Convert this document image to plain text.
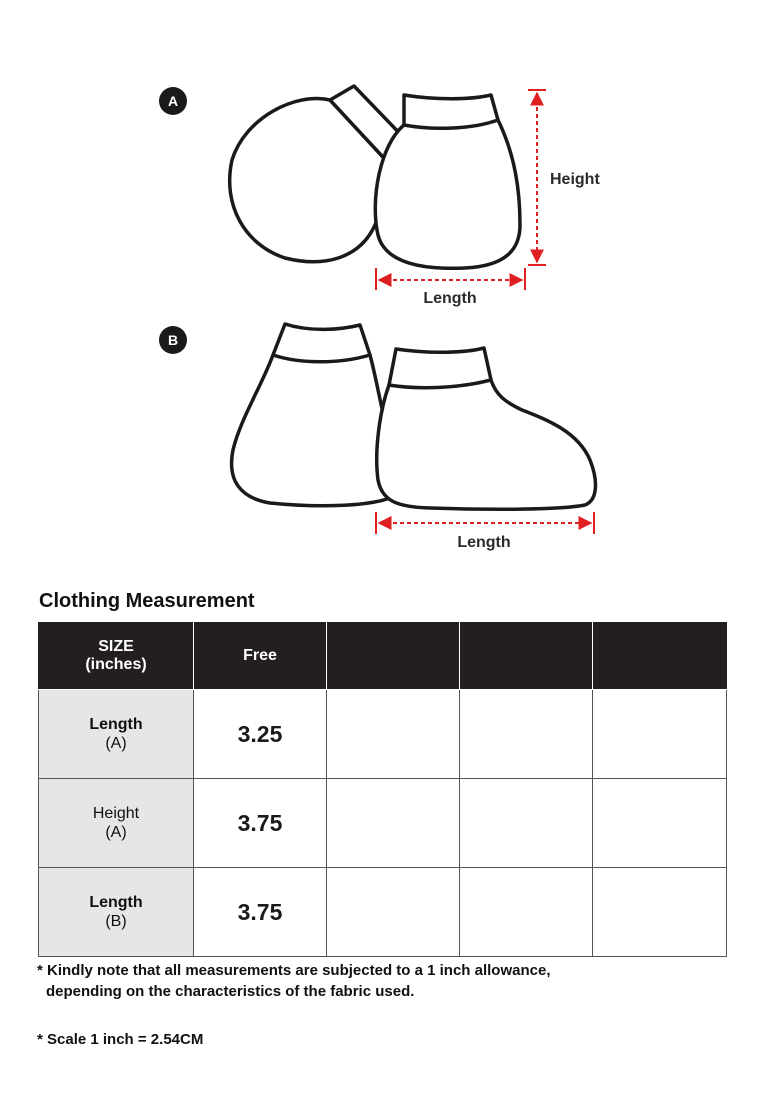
A
Height
Length
B
Length
Clothing Measurement
SIZE
(inches)	Free			

Length
(A)	3.25			

Height
(A)	3.75			

Length
(B)	3.75			

* Kindly note that all measurements are subjected to a 1 inch allowance,
depending on the characteristics of the fabric used.

* Scale 1 inch = 2.54CM
